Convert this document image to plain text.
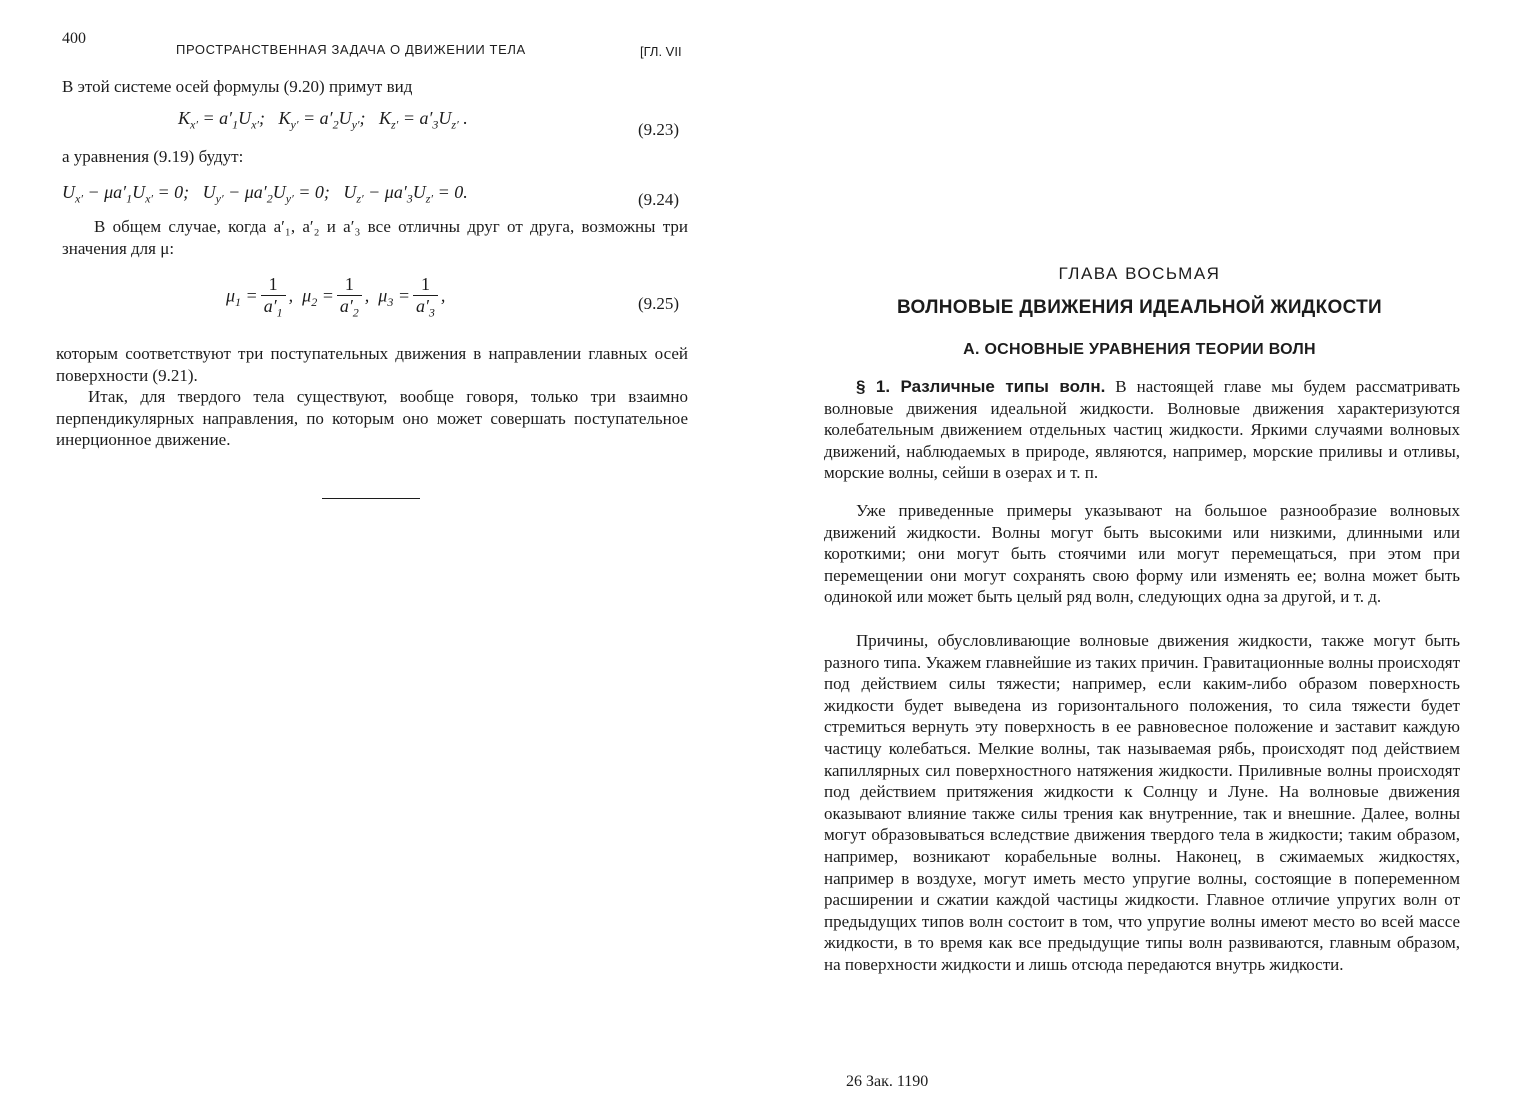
400
ПРОСТРАНСТВЕННАЯ ЗАДАЧА О ДВИЖЕНИИ ТЕЛА	[ГЛ. VII

В этой системе осей формулы (9.20) примут вид

$K_{x'} = a'_1U_{x'}$;   $K_{y'} = a'_2U_{y'}$;   $K_{z'} = a'_3U_{z'}$ .
(9.23)

а уравнения (9.19) будут:

$U_{x'} - \mu a'_1U_{x'} = 0$;   $U_{y'} - \mu a'_2U_{y'} = 0$;   $U_{z'} - \mu a'_3U_{z'} = 0$.	(9.24)

В общем случае, когда a′₁, a′₂ и a′₃ все отличны друг от друга, возможны три значения для μ:

$\mu_1 = \frac{1}{a'_1}$ ,  $\mu_2 = \frac{1}{a'_2}$ ,  $\mu_3 = \frac{1}{a'_3}$ ,	(9.25)

которым соответствуют три поступательных движения в направлении главных осей поверхности (9.21).

Итак, для твердого тела существуют, вообще говоря, только три взаимно перпендикулярных направления, по которым оно может совершать поступательное инерционное движение.

ГЛАВА ВОСЬМАЯ
ВОЛНОВЫЕ ДВИЖЕНИЯ ИДЕАЛЬНОЙ ЖИДКОСТИ
А. ОСНОВНЫЕ УРАВНЕНИЯ ТЕОРИИ ВОЛН

§ 1. Различные типы волн. В настоящей главе мы будем рассматривать волновые движения идеальной жидкости. Волновые движения характеризуются колебательным движением отдельных частиц жидкости. Яркими случаями волновых движений, наблюдаемых в природе, являются, например, морские приливы и отливы, морские волны, сейши в озерах и т. п.

Уже приведенные примеры указывают на большое разнообразие волновых движений жидкости. Волны могут быть высокими или низкими, длинными или короткими; они могут быть стоячими или могут перемещаться, при этом при перемещении они могут сохранять свою форму или изменять ее; волна может быть одинокой или может быть целый ряд волн, следующих одна за другой, и т. д.

Причины, обусловливающие волновые движения жидкости, также могут быть разного типа. Укажем главнейшие из таких причин. Гравитационные волны происходят под действием силы тяжести; например, если каким-либо образом поверхность жидкости будет выведена из горизонтального положения, то сила тяжести будет стремиться вернуть эту поверхность в ее равновесное положение и заставит каждую частицу колебаться. Мелкие волны, так называемая рябь, происходят под действием капиллярных сил поверхностного натяжения жидкости. Приливные волны происходят под действием притяжения жидкости к Солнцу и Луне. На волновые движения оказывают влияние также силы трения как внутренние, так и внешние. Далее, волны могут образовываться вследствие движения твердого тела в жидкости; таким образом, например, возникают корабельные волны. Наконец, в сжимаемых жидкостях, например в воздухе, могут иметь место упругие волны, состоящие в попеременном расширении и сжатии каждой частицы жидкости. Главное отличие упругих волн от предыдущих типов волн состоит в том, что упругие волны имеют место во всей массе жидкости, в то время как все предыдущие типы волн развиваются, главным образом, на поверхности жидкости и лишь отсюда передаются внутрь жидкости.

26 Зак. 1190
